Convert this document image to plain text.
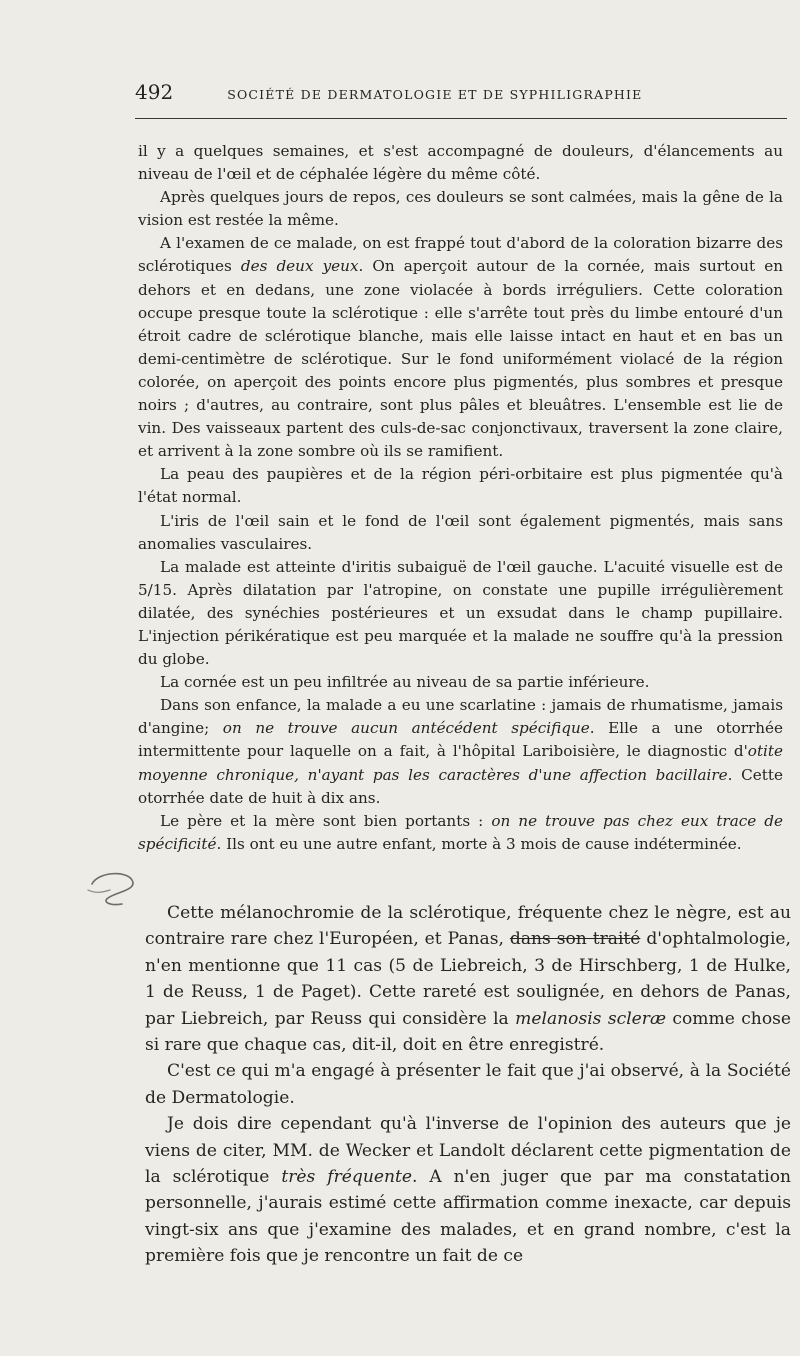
492	SOCIÉTÉ DE DERMATOLOGIE ET DE SYPHILIGRAPHIE

il y a quelques semaines, et s'est accompagné de douleurs, d'élancements au niveau de l'œil et de céphalée légère du même côté.

Après quelques jours de repos, ces douleurs se sont calmées, mais la gêne de la vision est restée la même.

A l'examen de ce malade, on est frappé tout d'abord de la coloration bizarre des sclérotiques des deux yeux. On aperçoit autour de la cornée, mais surtout en dehors et en dedans, une zone violacée à bords irréguliers. Cette coloration occupe presque toute la sclérotique : elle s'arrête tout près du limbe entouré d'un étroit cadre de sclérotique blanche, mais elle laisse intact en haut et en bas un demi-centimètre de sclérotique. Sur le fond uniformément violacé de la région colorée, on aperçoit des points encore plus pigmentés, plus sombres et presque noirs ; d'autres, au contraire, sont plus pâles et bleuâtres. L'ensemble est lie de vin. Des vaisseaux partent des culs-de-sac conjonctivaux, traversent la zone claire, et arrivent à la zone sombre où ils se ramifient.

La peau des paupières et de la région péri-orbitaire est plus pigmentée qu'à l'état normal.

L'iris de l'œil sain et le fond de l'œil sont également pigmentés, mais sans anomalies vasculaires.

La malade est atteinte d'iritis subaiguë de l'œil gauche. L'acuité visuelle est de 5/15. Après dilatation par l'atropine, on constate une pupille irrégulièrement dilatée, des synéchies postérieures et un exsudat dans le champ pupillaire. L'injection périkératique est peu marquée et la malade ne souffre qu'à la pression du globe.

La cornée est un peu infiltrée au niveau de sa partie inférieure.

Dans son enfance, la malade a eu une scarlatine : jamais de rhumatisme, jamais d'angine; on ne trouve aucun antécédent spécifique. Elle a une otorrhée intermittente pour laquelle on a fait, à l'hôpital Lariboisière, le diagnostic d'otite moyenne chronique, n'ayant pas les caractères d'une affection bacillaire. Cette otorrhée date de huit à dix ans.

Le père et la mère sont bien portants : on ne trouve pas chez eux trace de spécificité. Ils ont eu une autre enfant, morte à 3 mois de cause indéterminée.

?

Cette mélanochromie de la sclérotique, fréquente chez le nègre, est au contraire rare chez l'Européen, et Panas, dans son traité d'ophtalmologie, n'en mentionne que 11 cas (5 de Liebreich, 3 de Hirschberg, 1 de Hulke, 1 de Reuss, 1 de Paget). Cette rareté est soulignée, en dehors de Panas, par Liebreich, par Reuss qui considère la melanosis scleræ comme chose si rare que chaque cas, dit-il, doit en être enregistré.

C'est ce qui m'a engagé à présenter le fait que j'ai observé, à la Société de Dermatologie.

Je dois dire cependant qu'à l'inverse de l'opinion des auteurs que je viens de citer, MM. de Wecker et Landolt déclarent cette pigmentation de la sclérotique très fréquente. A n'en juger que par ma constatation personnelle, j'aurais estimé cette affirmation comme inexacte, car depuis vingt-six ans que j'examine des malades, et en grand nombre, c'est la première fois que je rencontre un fait de ce
